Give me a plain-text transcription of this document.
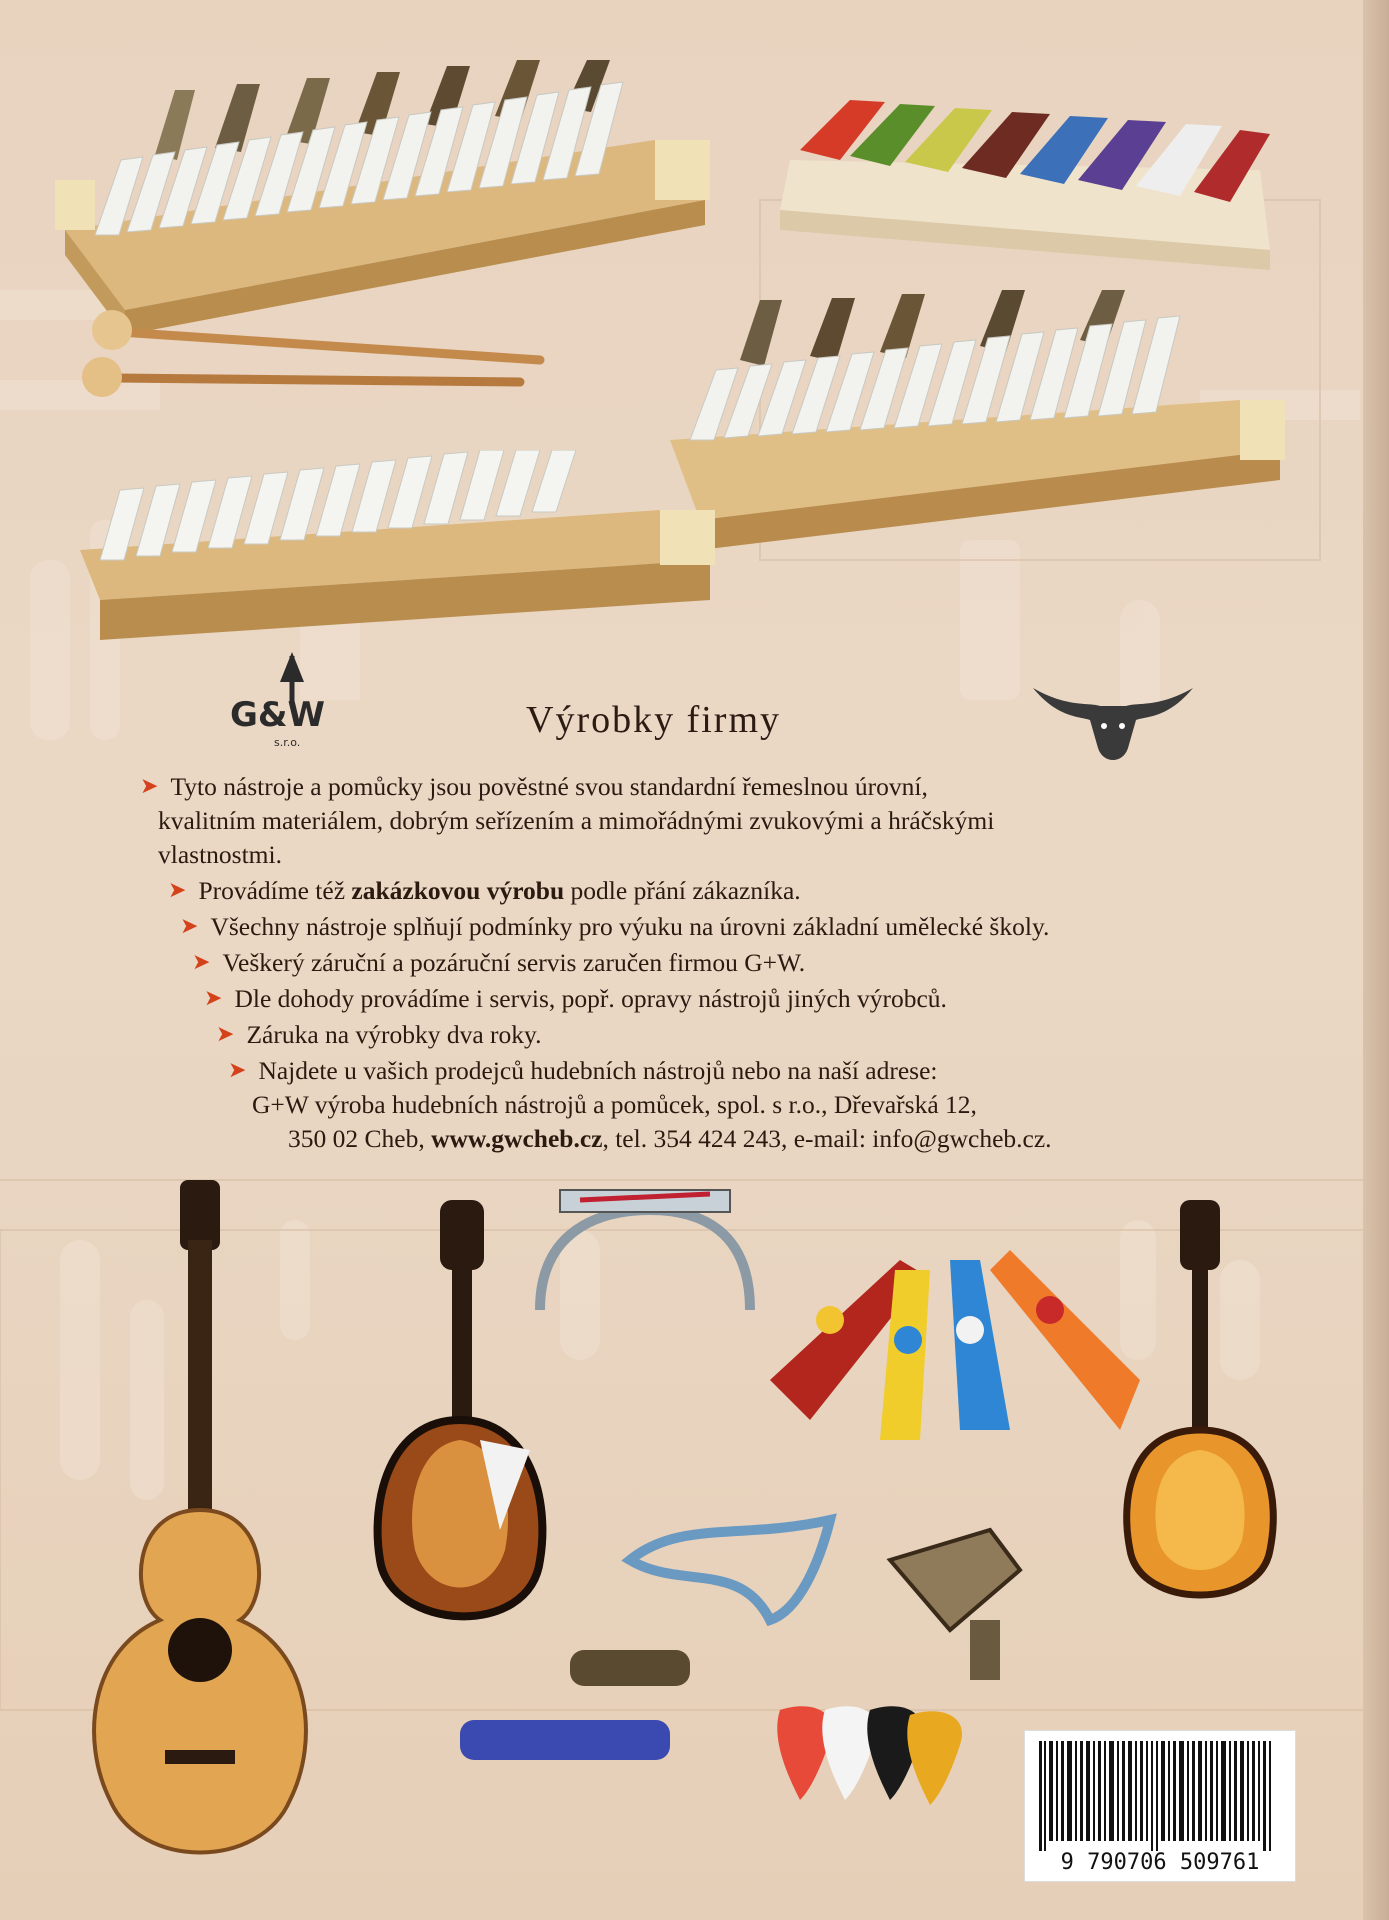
G&W
s.r.o.
Výrobky firmy
➤ Tyto nástroje a pomůcky jsou pověstné svou standardní řemeslnou úrovní,
kvalitním materiálem, dobrým seřízením a mimořádnými zvukovými a hráčskými
vlastnostmi.
➤ Provádíme též zakázkovou výrobu podle přání zákazníka.
➤ Všechny nástroje splňují podmínky pro výuku na úrovni základní umělecké školy.
➤ Veškerý záruční a pozáruční servis zaručen firmou G+W.
➤ Dle dohody provádíme i servis, popř. opravy nástrojů jiných výrobců.
➤ Záruka na výrobky dva roky.
➤ Najdete u vašich prodejců hudebních nástrojů nebo na naší adrese:
G+W výroba hudebních nástrojů a pomůcek, spol. s r.o., Dřevařská 12,
350 02 Cheb, www.gwcheb.cz, tel. 354 424 243, e-mail: info@gwcheb.cz.
9 790706 509761
